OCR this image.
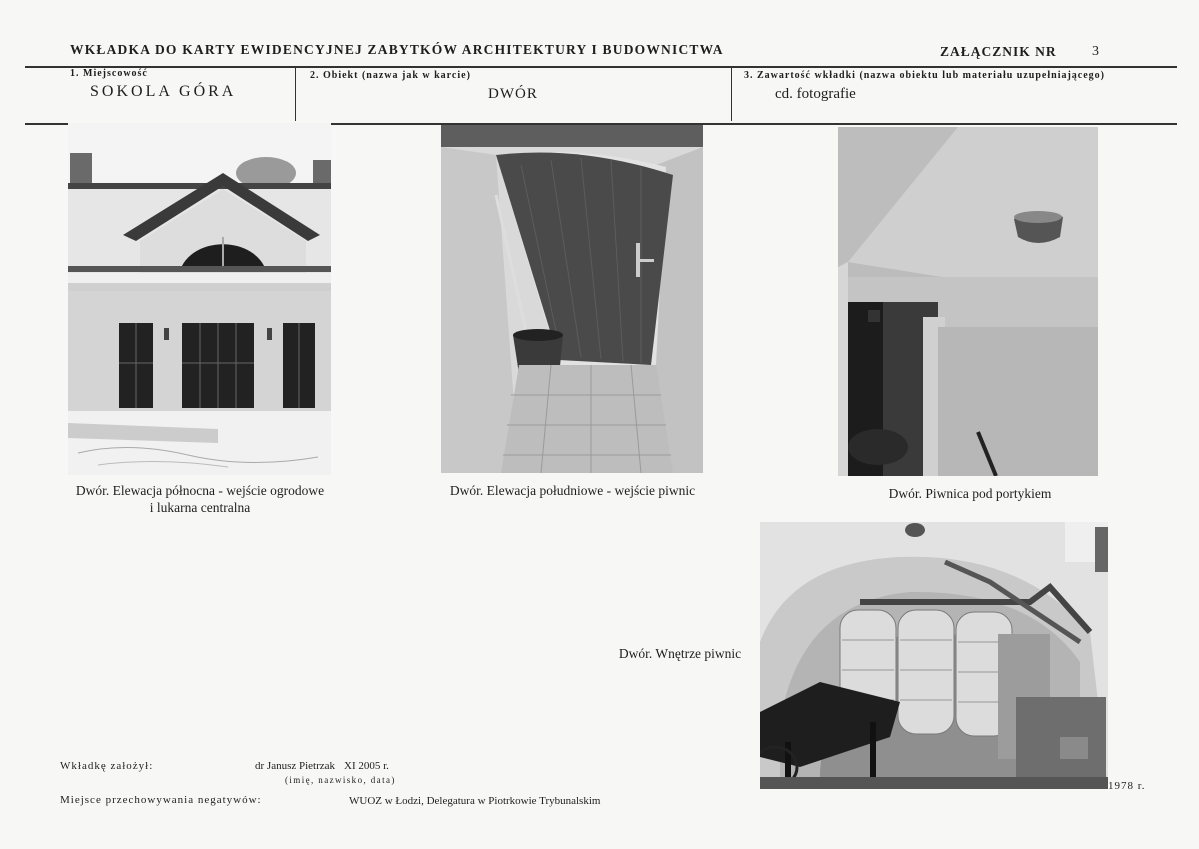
WKŁADKA DO KARTY EWIDENCYJNEJ ZABYTKÓW ARCHITEKTURY I BUDOWNICTWA	ZAŁĄCZNIK NR	3
1. Miejscowość
SOKOLA GÓRA
2. Obiekt (nazwa jak w karcie)
DWÓR
3. Zawartość wkładki (nazwa obiektu lub materiału uzupełniającego)
cd. fotografie
Dwór. Elewacja północna - wejście ogrodowe
i lukarna centralna
Dwór. Elewacja południowe - wejście piwnic	Dwór. Piwnica pod portykiem
Dwór. Wnętrze piwnic
Wkładkę założył:	dr Janusz Pietrzak XI 2005 r.
(imię, nazwisko, data)
Miejsce przechowywania negatywów:	WUOZ w Łodzi, Delegatura w Piotrkowie Trybunalskim
1978 r.
